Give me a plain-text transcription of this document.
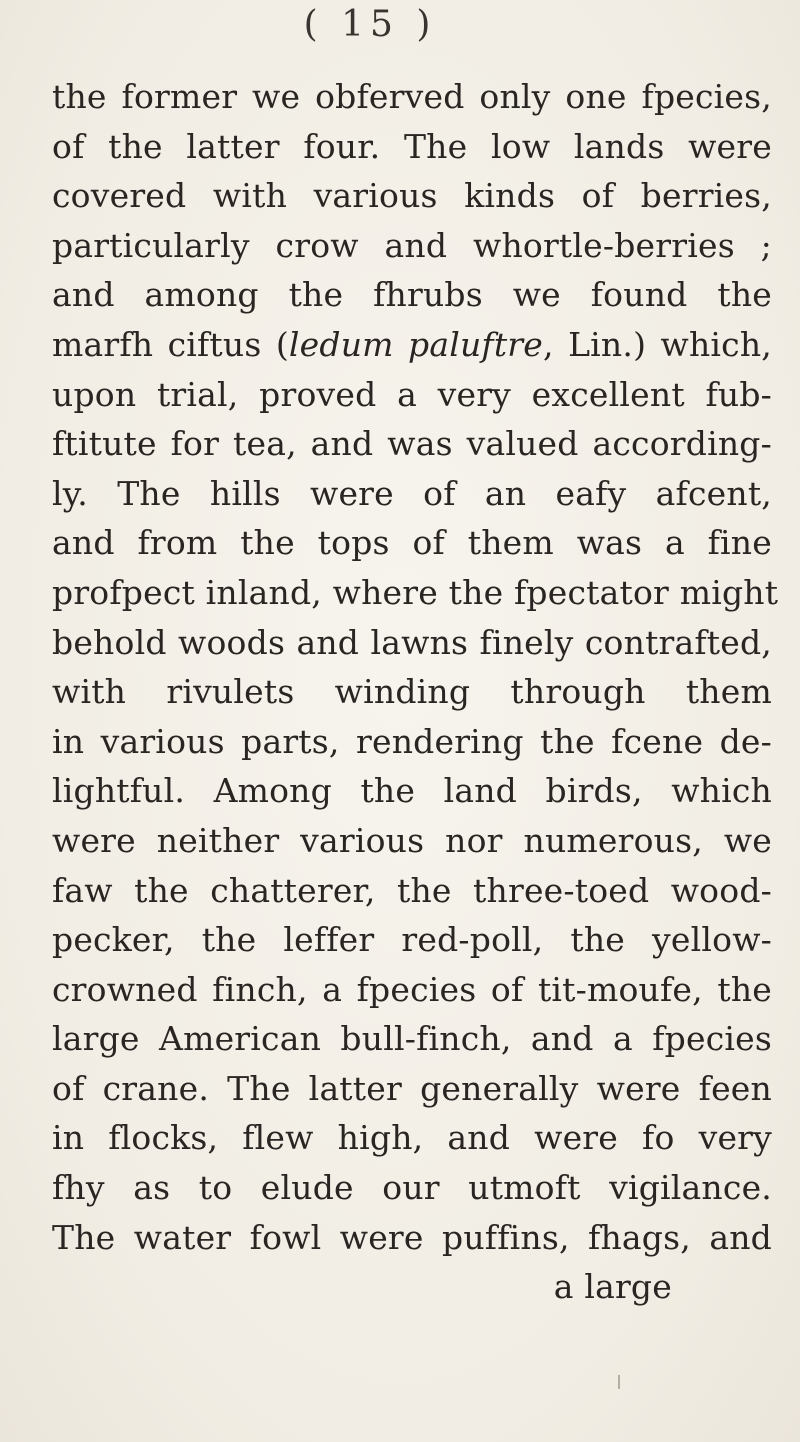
( 15 )
the former we obferved only one fpecies,
of the latter four. The low lands were
covered with various kinds of berries,
particularly crow and whortle-berries ;
and among the fhrubs we found the
marfh ciftus (ledum paluftre, Lin.) which,
upon trial, proved a very excellent fub-
ftitute for tea, and was valued according-
ly. The hills were of an eafy afcent,
and from the tops of them was a fine
profpect inland, where the fpectator might
behold woods and lawns finely contrafted,
with rivulets winding through them
in various parts, rendering the fcene de-
lightful. Among the land birds, which
were neither various nor numerous, we
faw the chatterer, the three-toed wood-
pecker, the leffer red-poll, the yellow-
crowned finch, a fpecies of tit-moufe, the
large American bull-finch, and a fpecies
of crane. The latter generally were feen
in flocks, flew high, and were fo very
fhy as to elude our utmoft vigilance.
The water fowl were puffins, fhags, and
a large
